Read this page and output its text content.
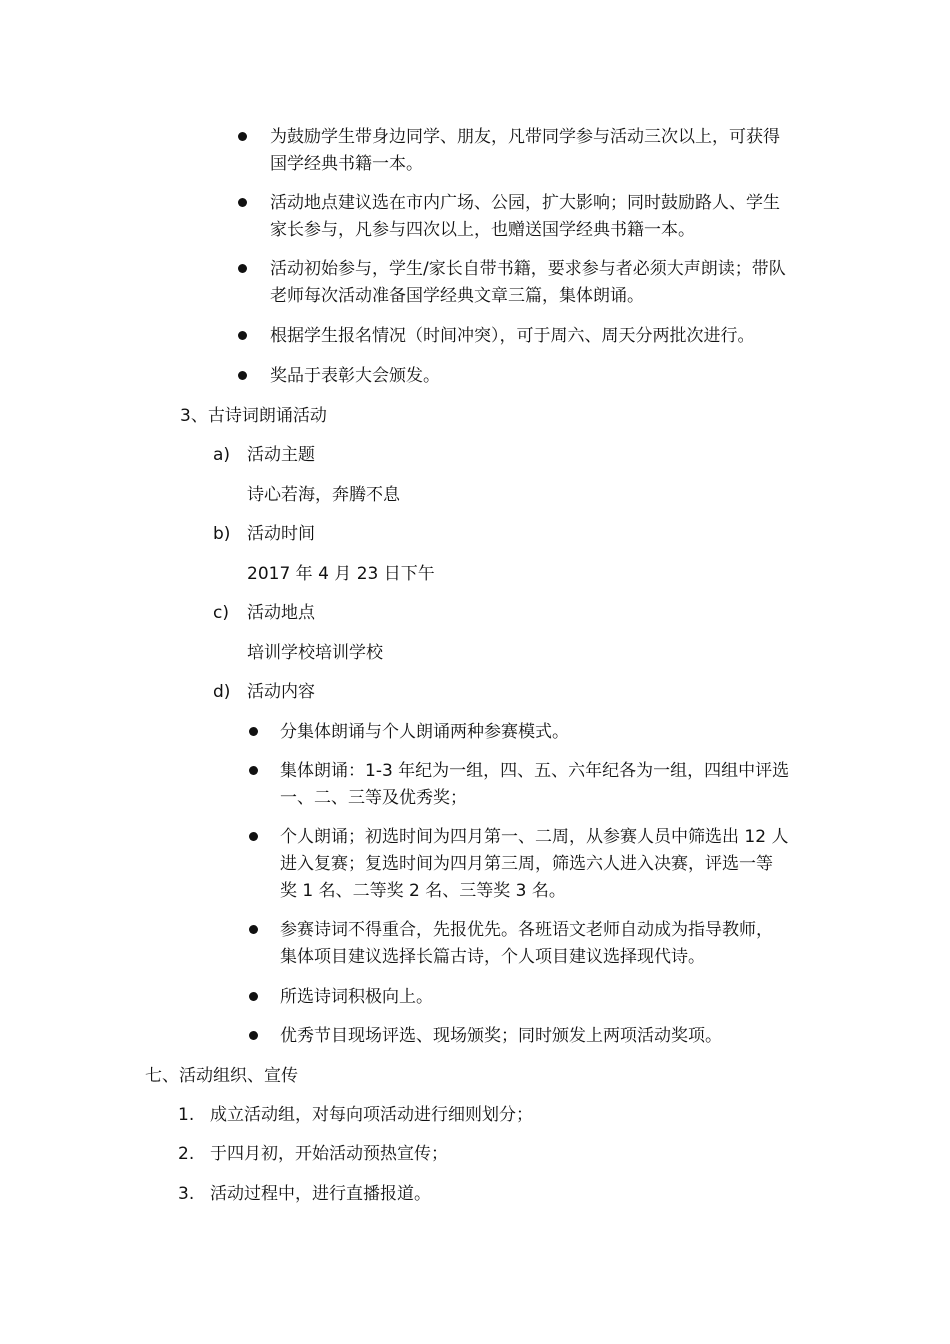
为鼓励学生带身边同学、朋友，凡带同学参与活动三次以上，可获得
国学经典书籍一本。
活动地点建议选在市内广场、公园，扩大影响；同时鼓励路人、学生
家长参与，凡参与四次以上，也赠送国学经典书籍一本。
活动初始参与，学生/家长自带书籍，要求参与者必须大声朗读；带队
老师每次活动准备国学经典文章三篇，集体朗诵。
根据学生报名情况（时间冲突），可于周六、周天分两批次进行。
奖品于表彰大会颁发。
3、古诗词朗诵活动
a) 活动主题
诗心若海，奔腾不息
b) 活动时间
2017 年 4 月 23 日下午
c) 活动地点
培训学校培训学校
d) 活动内容
分集体朗诵与个人朗诵两种参赛模式。
集体朗诵：1-3 年纪为一组，四、五、六年纪各为一组，四组中评选
一、二、三等及优秀奖；
个人朗诵；初选时间为四月第一、二周，从参赛人员中筛选出 12 人
进入复赛；复选时间为四月第三周，筛选六人进入决赛，评选一等
奖 1 名、二等奖 2 名、三等奖 3 名。
参赛诗词不得重合，先报优先。各班语文老师自动成为指导教师，
集体项目建议选择长篇古诗，个人项目建议选择现代诗。
所选诗词积极向上。
优秀节目现场评选、现场颁奖；同时颁发上两项活动奖项。
七、活动组织、宣传
1. 成立活动组，对每向项活动进行细则划分；
2. 于四月初，开始活动预热宣传；
3. 活动过程中，进行直播报道。
